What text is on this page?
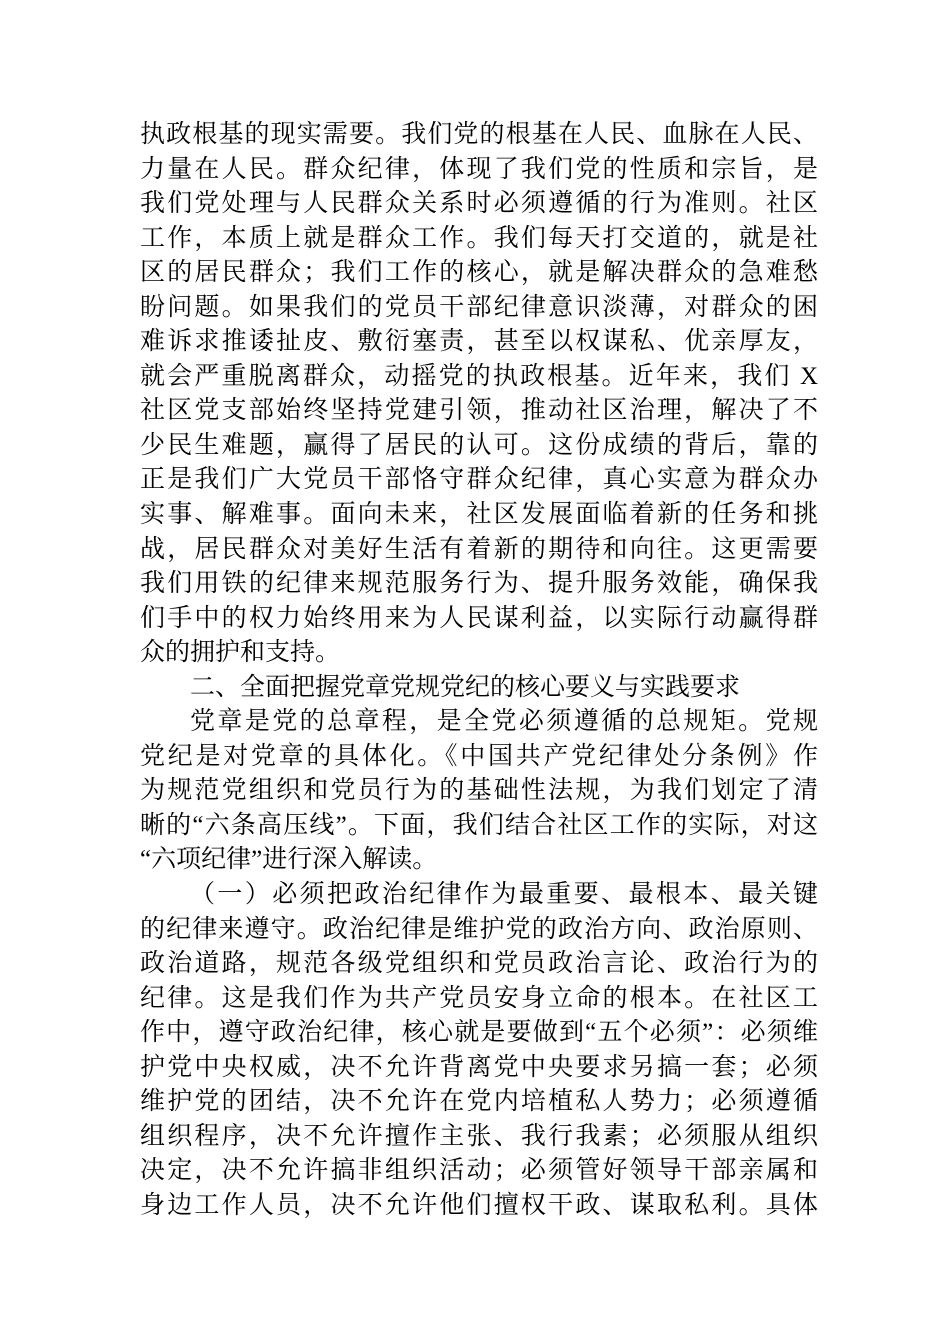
执政根基的现实需要。我们党的根基在人民、血脉在人民、
力量在人民。群众纪律，体现了我们党的性质和宗旨，是
我们党处理与人民群众关系时必须遵循的行为准则。社区
工作，本质上就是群众工作。我们每天打交道的，就是社
区的居民群众；我们工作的核心，就是解决群众的急难愁
盼问题。如果我们的党员干部纪律意识淡薄，对群众的困
难诉求推诿扯皮、敷衍塞责，甚至以权谋私、优亲厚友，
就会严重脱离群众，动摇党的执政根基。近年来，我们 X
社区党支部始终坚持党建引领，推动社区治理，解决了不
少民生难题，赢得了居民的认可。这份成绩的背后，靠的
正是我们广大党员干部恪守群众纪律，真心实意为群众办
实事、解难事。面向未来，社区发展面临着新的任务和挑
战，居民群众对美好生活有着新的期待和向往。这更需要
我们用铁的纪律来规范服务行为、提升服务效能，确保我
们手中的权力始终用来为人民谋利益，以实际行动赢得群
众的拥护和支持。
二、全面把握党章党规党纪的核心要义与实践要求
党章是党的总章程，是全党必须遵循的总规矩。党规
党纪是对党章的具体化。《中国共产党纪律处分条例》作
为规范党组织和党员行为的基础性法规，为我们划定了清
晰的“六条高压线”。下面，我们结合社区工作的实际，对这
“六项纪律”进行深入解读。
（一）必须把政治纪律作为最重要、最根本、最关键
的纪律来遵守。政治纪律是维护党的政治方向、政治原则、
政治道路，规范各级党组织和党员政治言论、政治行为的
纪律。这是我们作为共产党员安身立命的根本。在社区工
作中，遵守政治纪律，核心就是要做到“五个必须”：必须维
护党中央权威，决不允许背离党中央要求另搞一套；必须
维护党的团结，决不允许在党内培植私人势力；必须遵循
组织程序，决不允许擅作主张、我行我素；必须服从组织
决定，决不允许搞非组织活动；必须管好领导干部亲属和
身边工作人员，决不允许他们擅权干政、谋取私利。具体
